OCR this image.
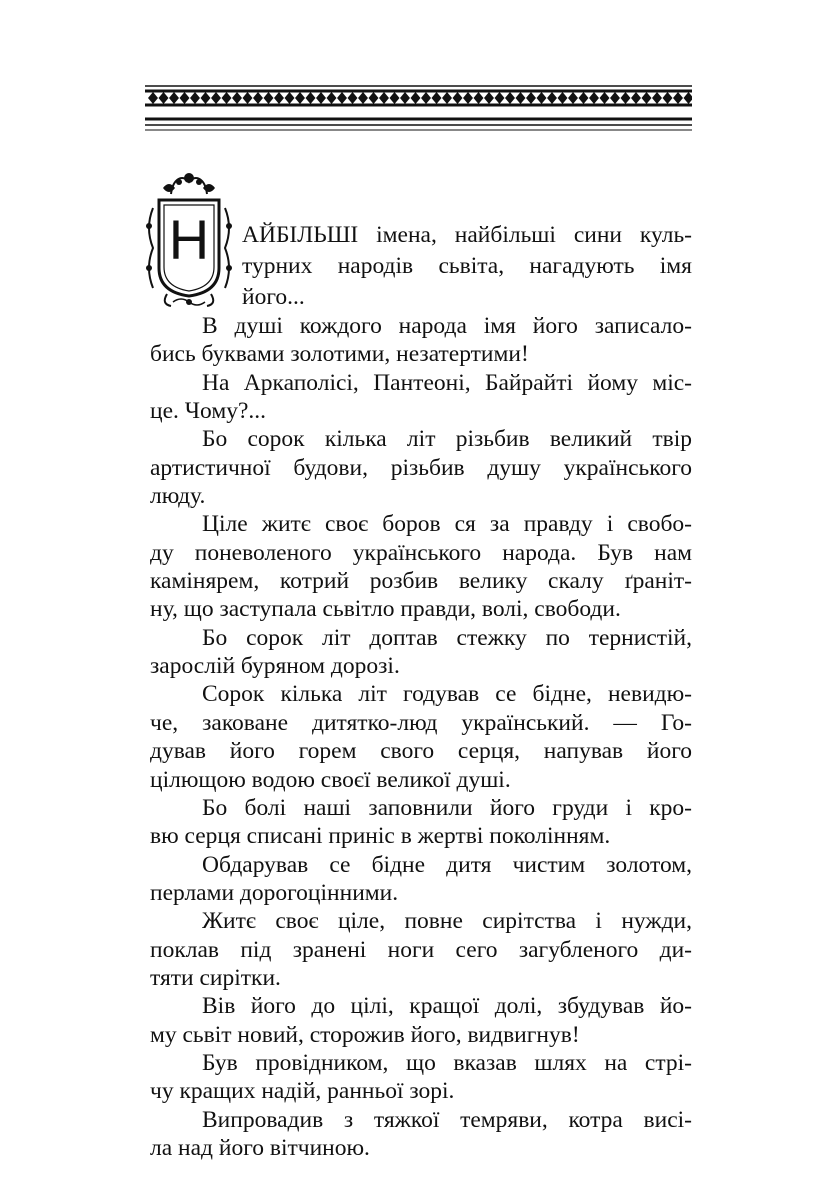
Н	АЙБІЛЬШІ імена, найбільші сини куль-
турних народів сьвіта, нагадують імя
його...
В душі кождого народа імя його записало-
бись буквами золотими, незатертими!
На Аркаполісі, Пантеоні, Байрайті йому міс-
це. Чому?...
Бо сорок кілька літ різьбив великий твір
артистичної будови, різьбив душу українського
люду.
Ціле житє своє боров ся за правду і свобо-
ду поневоленого українського народа. Був нам
камінярем, котрий розбив велику скалу ґраніт-
ну, що заступала сьвітло правди, волі, свободи.
Бо сорок літ доптав стежку по тернистій,
зарослій буряном дорозі.
Сорок кілька літ годував се бідне, невидю-
че, закованe дитятко-люд український. — Го-
дував його горем свого серця, напував його
цілющою водою своєї великої душі.
Бо болі наші заповнили його груди і кро-
вю серця списані приніс в жертві поколінням.
Обдарував се бідне дитя чистим золотом,
перлами дорогоцінними.
Житє своє ціле, повне сирітства і нужди,
поклав під зранені ноги сего загубленого ди-
тяти сирітки.
Вів його до цілі, кращої долі, збудував йо-
му сьвіт новий, сторожив його, видвигнув!
Був провідником, що вказав шлях на стрі-
чу кращих надій, ранньої зорі.
Випровадив з тяжкої темряви, котра висі-
ла над його вітчиною.
